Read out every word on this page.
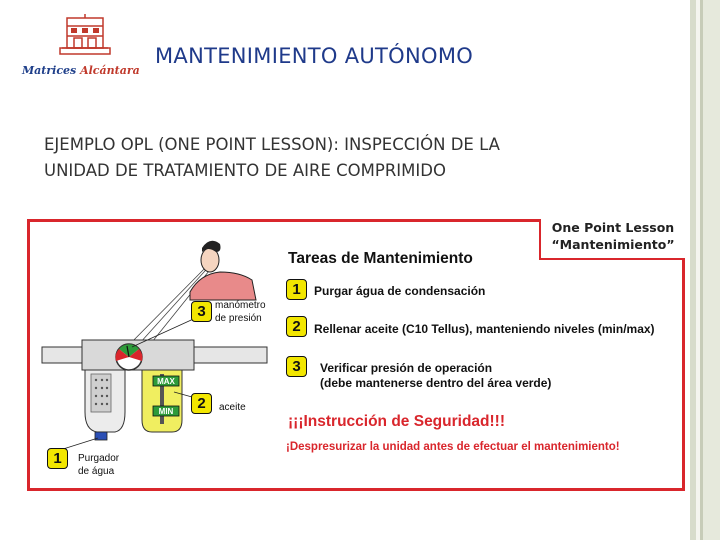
Matrices Alcántara
MANTENIMIENTO AUTÓNOMO
EJEMPLO OPL (ONE POINT LESSON): INSPECCIÓN DE LA
UNIDAD DE TRATAMIENTO DE AIRE COMPRIMIDO
MAX
MIN
3 manómetro
de presión
2	aceite
1	Purgador
de água
One Point Lesson
“Mantenimiento”
Tareas de Mantenimiento
1	Purgar água de condensación
2	Rellenar aceite (C10 Tellus), manteniendo niveles (min/max)
3	Verificar presión de operación
(debe mantenerse dentro del área verde)
¡¡¡Instrucción de Seguridad!!!
¡Despresurizar la unidad antes de efectuar el mantenimiento!
